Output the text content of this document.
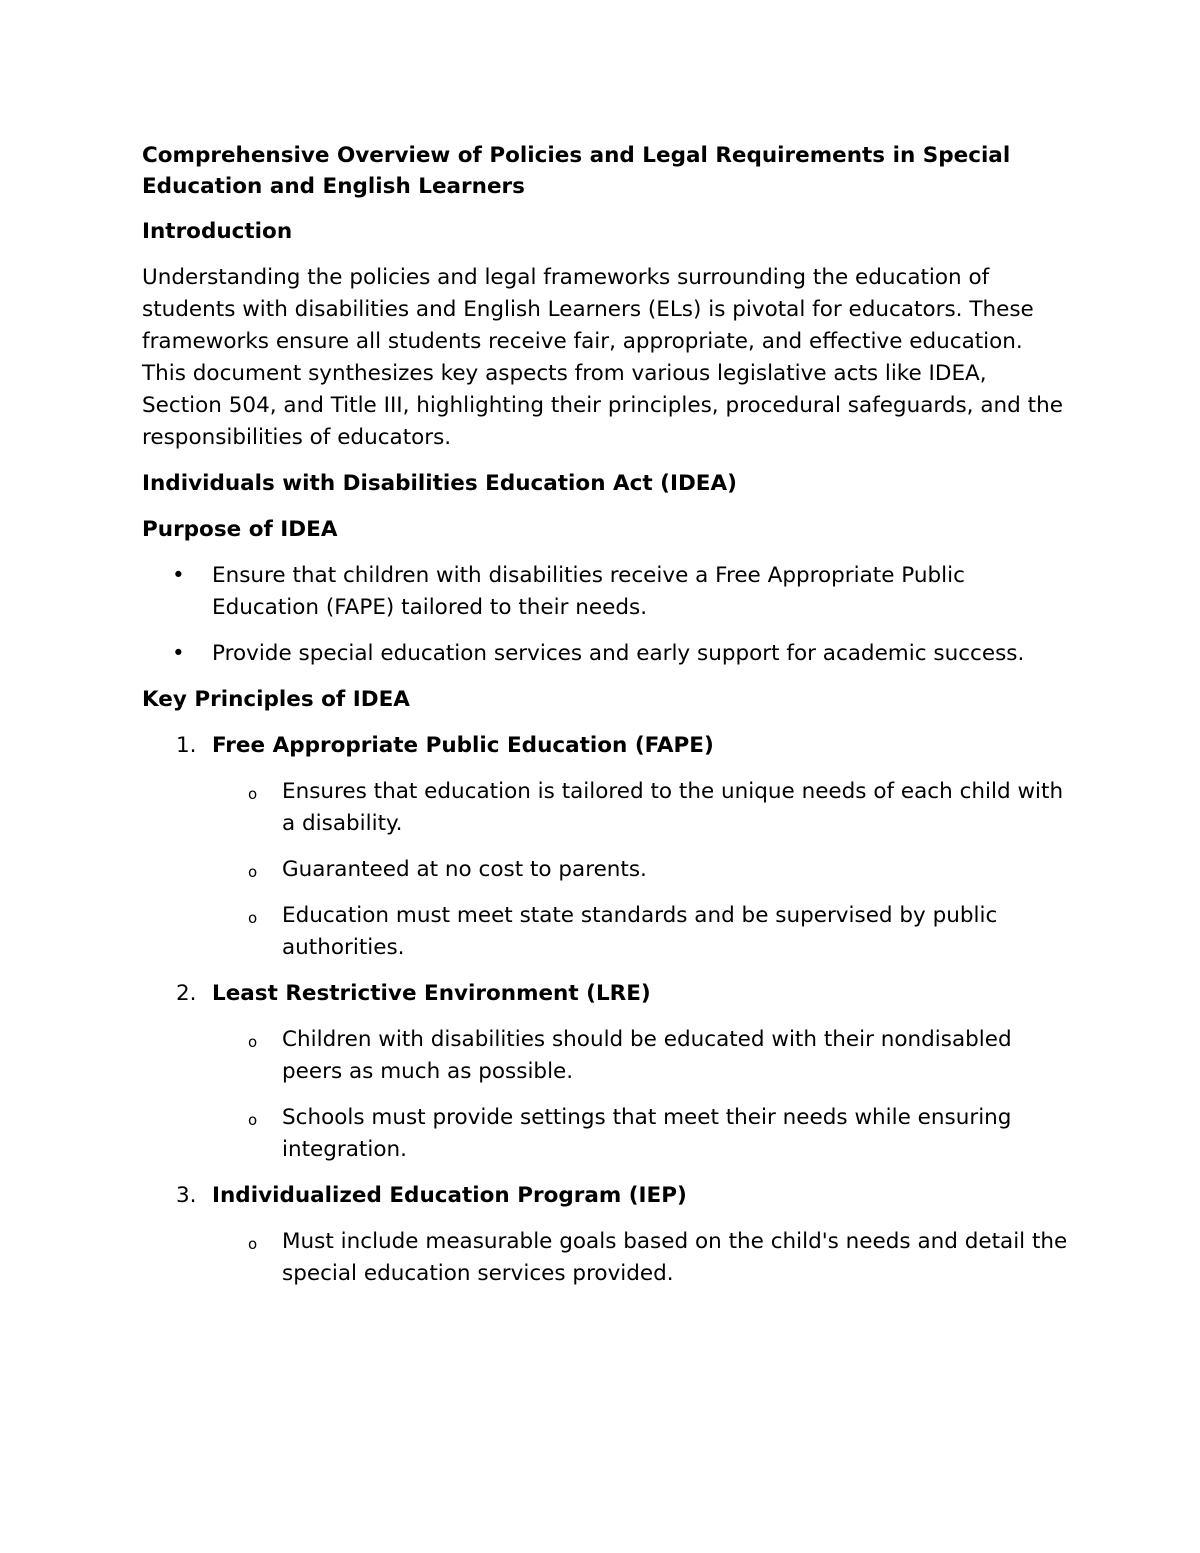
Comprehensive Overview of Policies and Legal Requirements in Special Education and English Learners
Introduction

Understanding the policies and legal frameworks surrounding the education of students with disabilities and English Learners (ELs) is pivotal for educators. These frameworks ensure all students receive fair, appropriate, and effective education. This document synthesizes key aspects from various legislative acts like IDEA, Section 504, and Title III, highlighting their principles, procedural safeguards, and the responsibilities of educators.

Individuals with Disabilities Education Act (IDEA)
Purpose of IDEA
• Ensure that children with disabilities receive a Free Appropriate Public Education (FAPE) tailored to their needs.
• Provide special education services and early support for academic success.
Key Principles of IDEA
1. Free Appropriate Public Education (FAPE)
o Ensures that education is tailored to the unique needs of each child with a disability.
o Guaranteed at no cost to parents.
o Education must meet state standards and be supervised by public authorities.
2. Least Restrictive Environment (LRE)
o Children with disabilities should be educated with their nondisabled peers as much as possible.
o Schools must provide settings that meet their needs while ensuring integration.
3. Individualized Education Program (IEP)
o Must include measurable goals based on the child's needs and detail the special education services provided.
